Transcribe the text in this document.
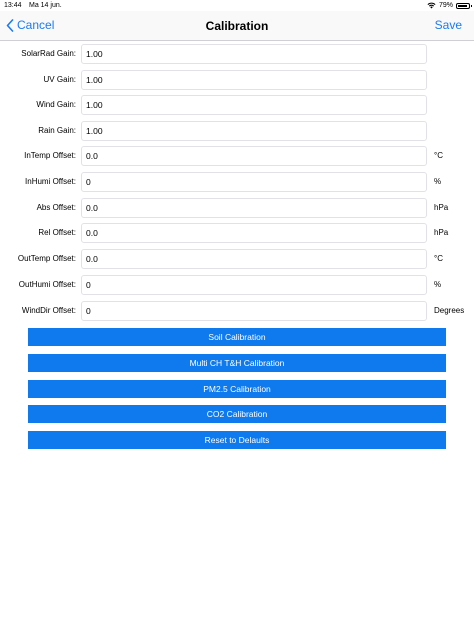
13:44 Ma 14 jun.	79%
Cancel	Calibration	Save
SolarRad Gain:
1.00
UV Gain:
1.00
Wind Gain:
1.00
Rain Gain:
1.00
InTemp Offset:
0.0	°C
InHumi Offset:
0	%
Abs Offset:
0.0	hPa
Rel Offset:
0.0	hPa
OutTemp Offset:
0.0	°C
OutHumi Offset:
0	%
WindDir Offset:
0	Degrees
Soil Calibration
Multi CH T&H Calibration
PM2.5 Calibration
CO2 Calibration
Reset to Delaults
